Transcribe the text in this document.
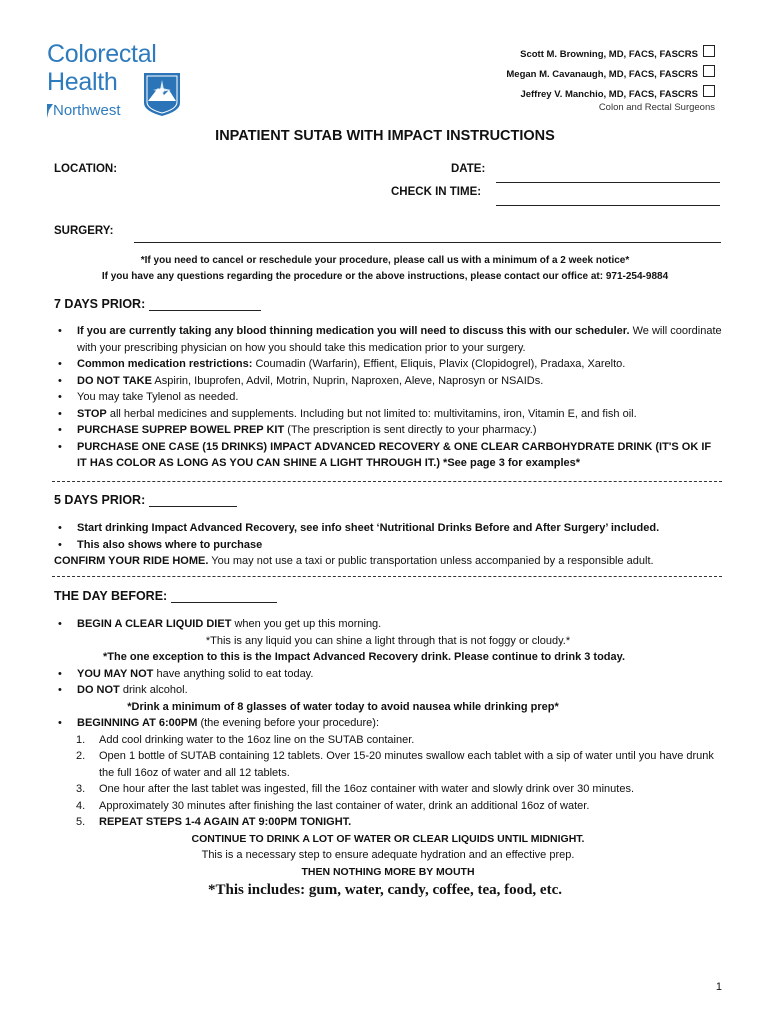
Colorectal
Health
Northwest
Scott M. Browning, MD, FACS, FASCRS
Megan M. Cavanaugh, MD, FACS, FASCRS
Jeffrey V. Manchio, MD, FACS, FASCRS
Colon and Rectal Surgeons
INPATIENT SUTAB WITH IMPACT INSTRUCTIONS
LOCATION:	DATE:
CHECK IN TIME:
SURGERY:
*If you need to cancel or reschedule your procedure, please call us with a minimum of a 2 week notice*
If you have any questions regarding the procedure or the above instructions, please contact our office at: 971-254-9884
7 DAYS PRIOR:
• If you are currently taking any blood thinning medication you will need to discuss this with our scheduler. We will coordinate with your prescribing physician on how you should take this medication prior to your surgery.
• Common medication restrictions: Coumadin (Warfarin), Effient, Eliquis, Plavix (Clopidogrel), Pradaxa, Xarelto.
• DO NOT TAKE Aspirin, Ibuprofen, Advil, Motrin, Nuprin, Naproxen, Aleve, Naprosyn or NSAIDs.
• You may take Tylenol as needed.
• STOP all herbal medicines and supplements. Including but not limited to: multivitamins, iron, Vitamin E, and fish oil.
• PURCHASE SUPREP BOWEL PREP KIT (The prescription is sent directly to your pharmacy.)
• PURCHASE ONE CASE (15 DRINKS) IMPACT ADVANCED RECOVERY & ONE CLEAR CARBOHYDRATE DRINK (IT'S OK IF IT HAS COLOR AS LONG AS YOU CAN SHINE A LIGHT THROUGH IT.) *See page 3 for examples*
5 DAYS PRIOR:
• Start drinking Impact Advanced Recovery, see info sheet ‘Nutritional Drinks Before and After Surgery’ included.
• This also shows where to purchase
CONFIRM YOUR RIDE HOME. You may not use a taxi or public transportation unless accompanied by a responsible adult.
THE DAY BEFORE:
• BEGIN A CLEAR LIQUID DIET when you get up this morning.
*This is any liquid you can shine a light through that is not foggy or cloudy.*
*The one exception to this is the Impact Advanced Recovery drink. Please continue to drink 3 today.
• YOU MAY NOT have anything solid to eat today.
• DO NOT drink alcohol.
*Drink a minimum of 8 glasses of water today to avoid nausea while drinking prep*
• BEGINNING AT 6:00PM (the evening before your procedure):
1. Add cool drinking water to the 16oz line on the SUTAB container.
2. Open 1 bottle of SUTAB containing 12 tablets. Over 15-20 minutes swallow each tablet with a sip of water until you have drunk the full 16oz of water and all 12 tablets.
3. One hour after the last tablet was ingested, fill the 16oz container with water and slowly drink over 30 minutes.
4. Approximately 30 minutes after finishing the last container of water, drink an additional 16oz of water.
5. REPEAT STEPS 1-4 AGAIN AT 9:00PM TONIGHT.
CONTINUE TO DRINK A LOT OF WATER OR CLEAR LIQUIDS UNTIL MIDNIGHT.
This is a necessary step to ensure adequate hydration and an effective prep.
THEN NOTHING MORE BY MOUTH
*This includes: gum, water, candy, coffee, tea, food, etc.
1
